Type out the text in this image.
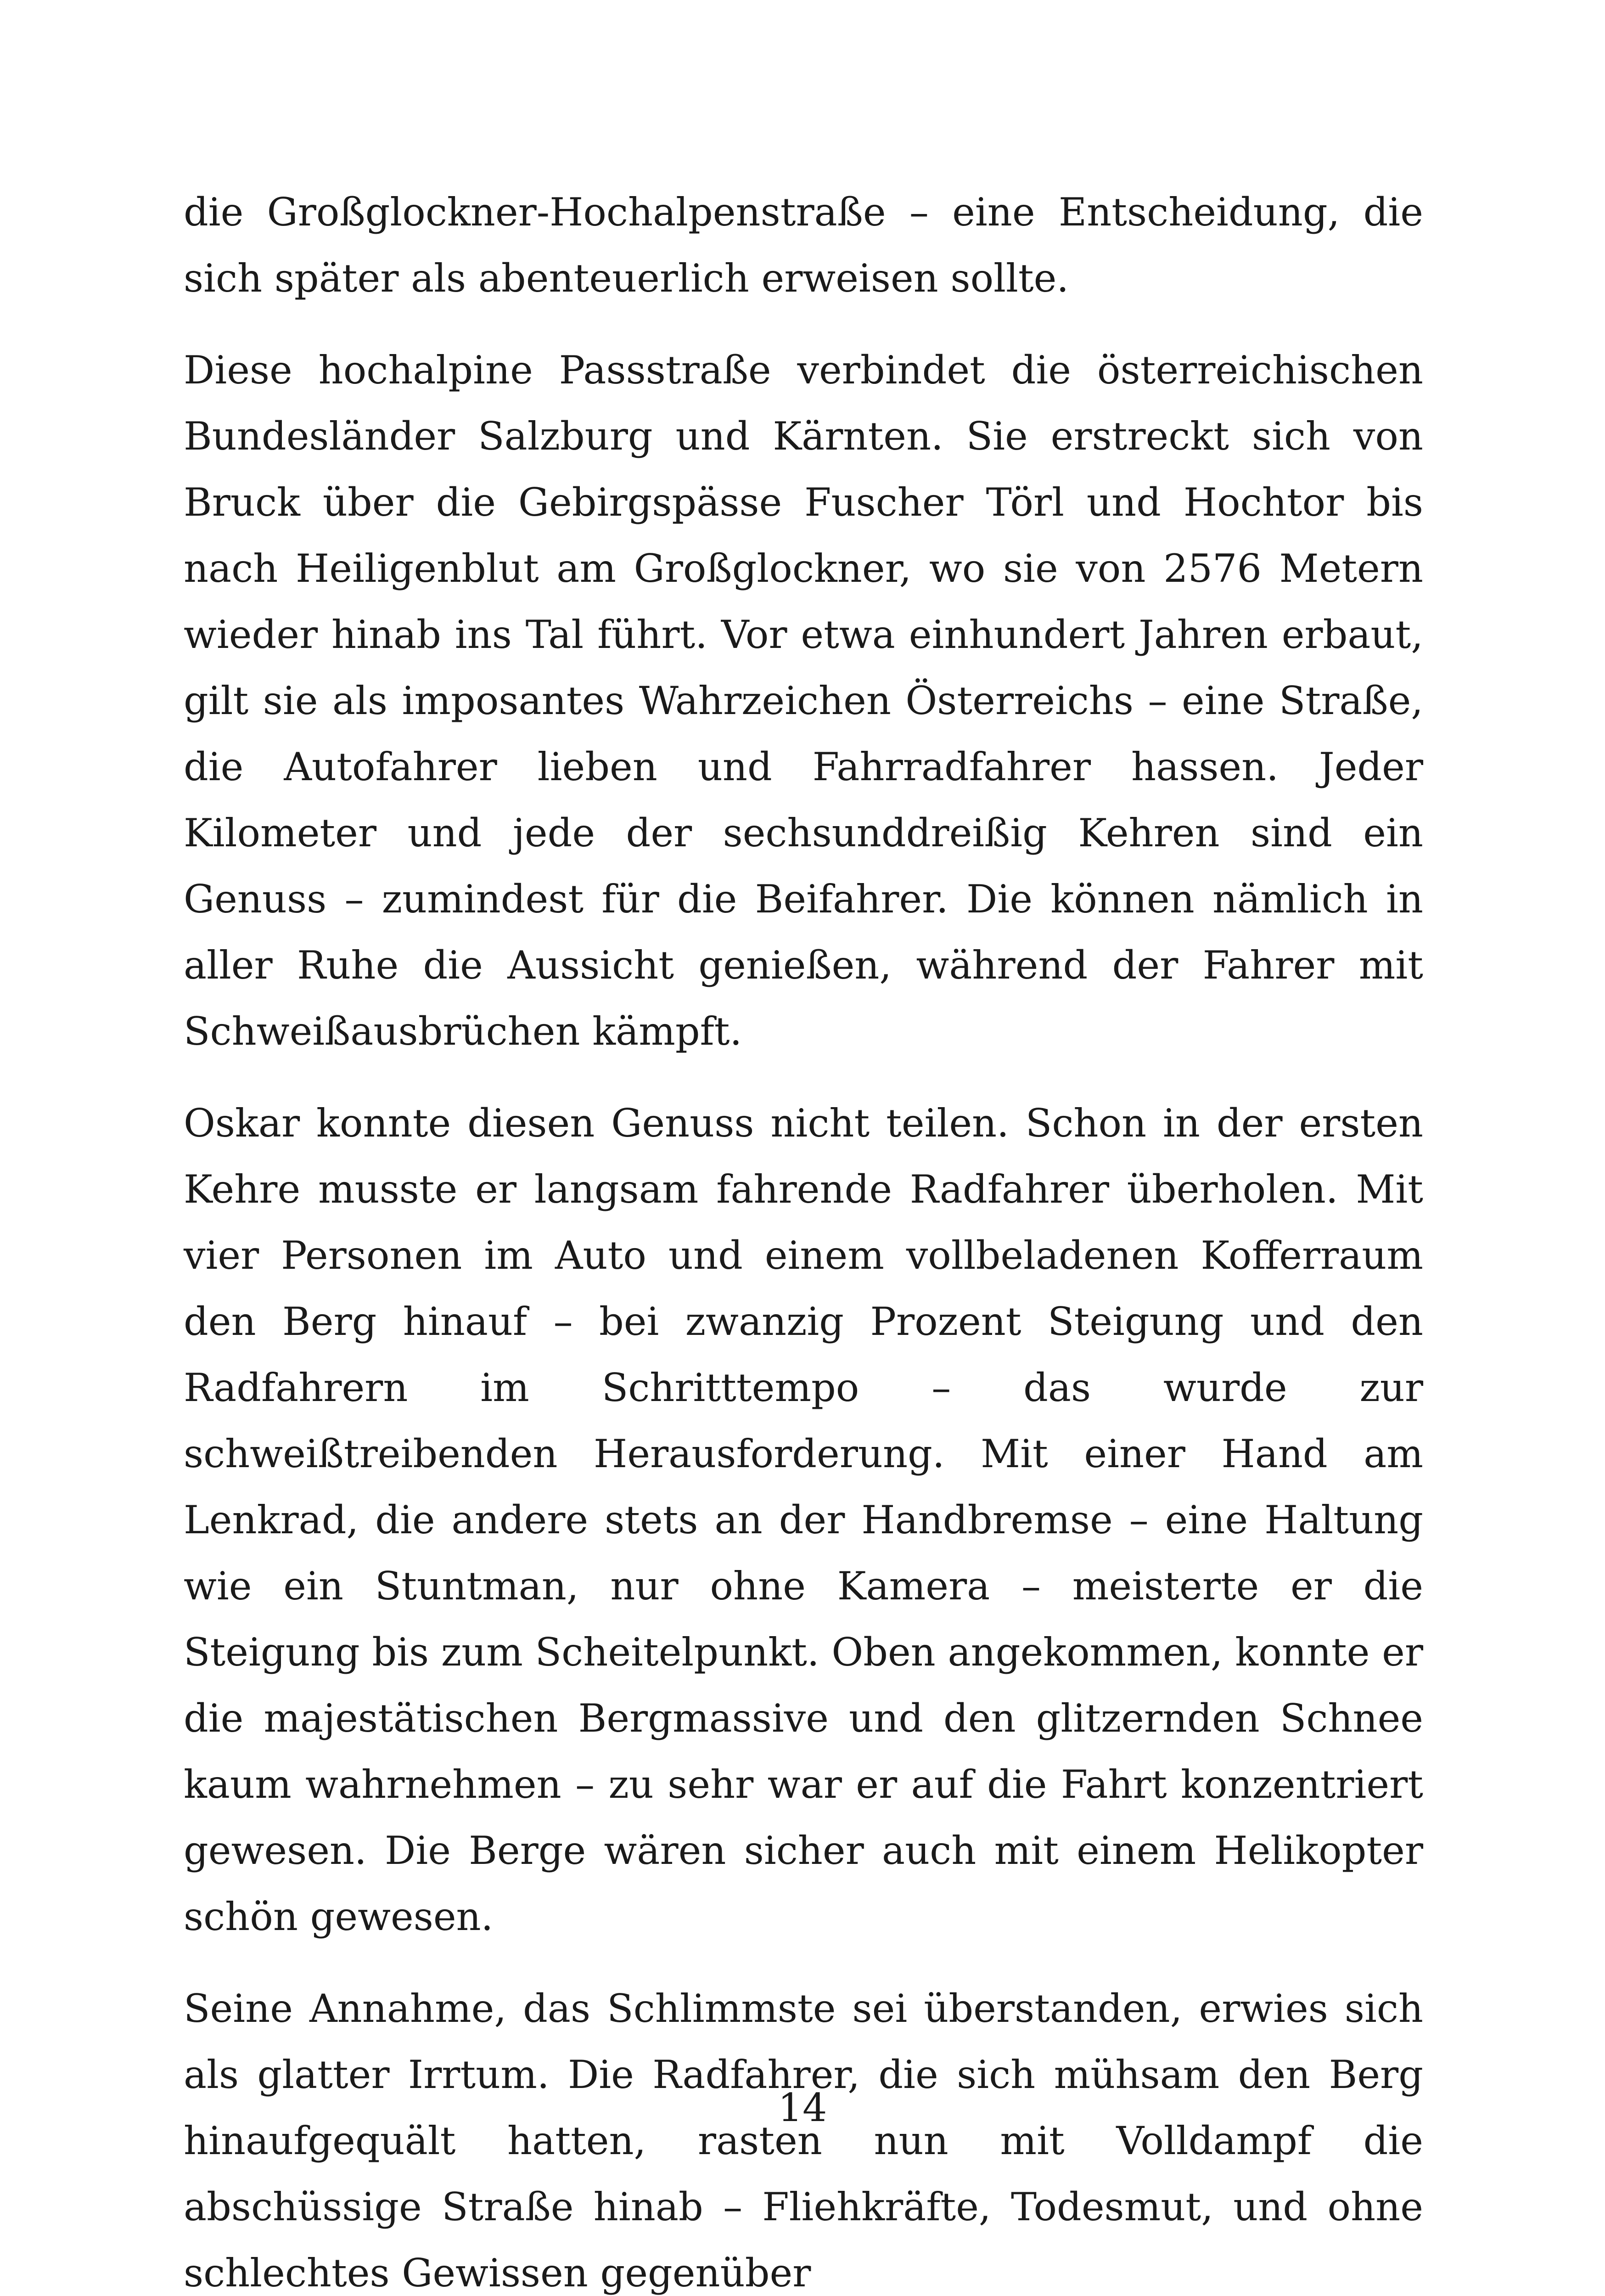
die Großglockner-Hochalpenstraße – eine Entscheidung, die sich später als abenteuerlich erweisen sollte.

Diese hochalpine Passstraße verbindet die österreichischen Bundesländer Salzburg und Kärnten. Sie erstreckt sich von Bruck über die Gebirgspässe Fuscher Törl und Hochtor bis nach Heiligenblut am Großglockner, wo sie von 2576 Metern wieder hinab ins Tal führt. Vor etwa einhundert Jahren erbaut, gilt sie als imposantes Wahrzeichen Österreichs – eine Straße, die Autofahrer lieben und Fahrradfahrer hassen. Jeder Kilometer und jede der sechsunddreißig Kehren sind ein Genuss – zumindest für die Beifahrer. Die können nämlich in aller Ruhe die Aussicht genießen, während der Fahrer mit Schweißausbrüchen kämpft.

Oskar konnte diesen Genuss nicht teilen. Schon in der ersten Kehre musste er langsam fahrende Radfahrer überholen. Mit vier Personen im Auto und einem vollbeladenen Kofferraum den Berg hinauf – bei zwanzig Prozent Steigung und den Radfahrern im Schritttempo – das wurde zur schweißtreibenden Herausforderung. Mit einer Hand am Lenkrad, die andere stets an der Handbremse – eine Haltung wie ein Stuntman, nur ohne Kamera – meisterte er die Steigung bis zum Scheitelpunkt. Oben angekommen, konnte er die majestätischen Bergmassive und den glitzernden Schnee kaum wahrnehmen – zu sehr war er auf die Fahrt konzentriert gewesen. Die Berge wären sicher auch mit einem Helikopter schön gewesen.

Seine Annahme, das Schlimmste sei überstanden, erwies sich als glatter Irrtum. Die Radfahrer, die sich mühsam den Berg hinaufgequält hatten, rasten nun mit Volldampf die abschüssige Straße hinab – Fliehkräfte, Todesmut, und ohne schlechtes Gewissen gegenüber

14
